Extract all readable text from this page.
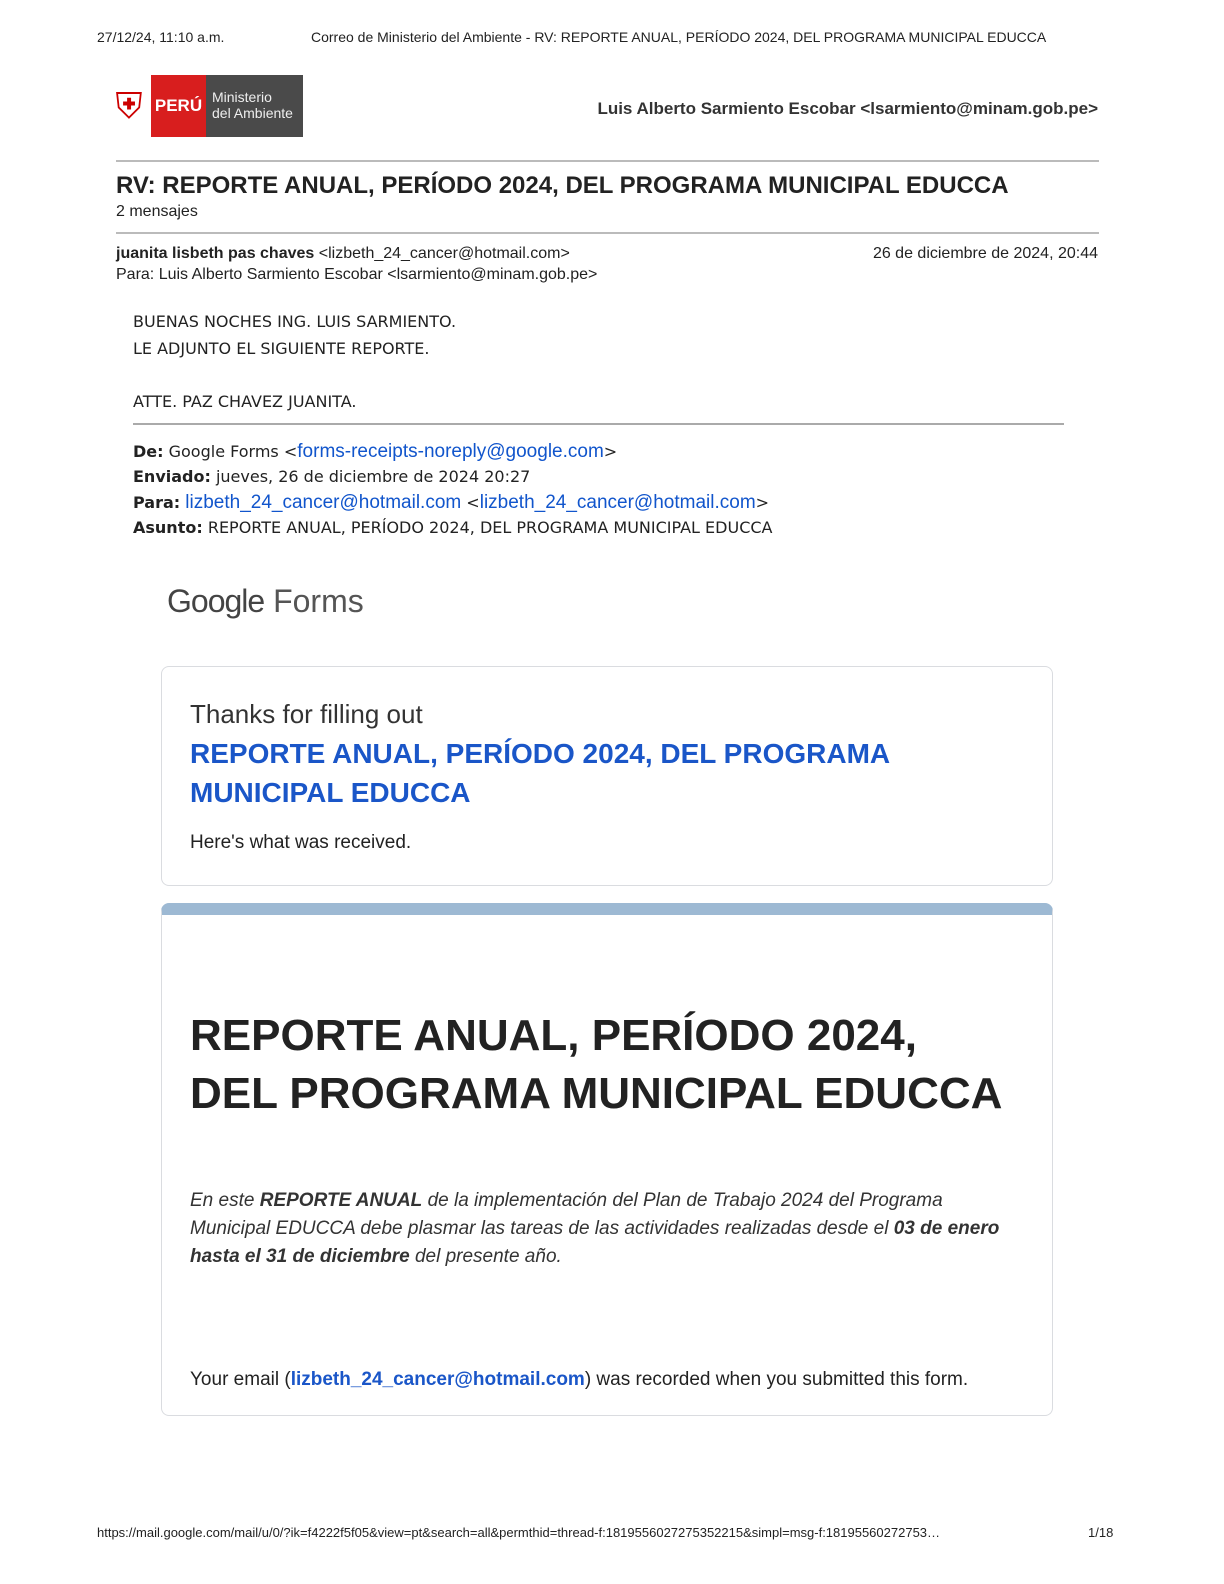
27/12/24, 11:10 a.m.	Correo de Ministerio del Ambiente - RV: REPORTE ANUAL, PERÍODO 2024, DEL PROGRAMA MUNICIPAL EDUCCA
⛨ PERÚ Ministerio
del Ambiente	Luis Alberto Sarmiento Escobar <lsarmiento@minam.gob.pe>
RV: REPORTE ANUAL, PERÍODO 2024, DEL PROGRAMA MUNICIPAL EDUCCA
2 mensajes
juanita lisbeth pas chaves <lizbeth_24_cancer@hotmail.com>	26 de diciembre de 2024, 20:44
Para: Luis Alberto Sarmiento Escobar <lsarmiento@minam.gob.pe>
BUENAS NOCHES ING. LUIS SARMIENTO.
LE ADJUNTO EL SIGUIENTE REPORTE.
ATTE. PAZ CHAVEZ JUANITA.
De: Google Forms <forms-receipts-noreply@google.com>
Enviado: jueves, 26 de diciembre de 2024 20:27
Para: lizbeth_24_cancer@hotmail.com <lizbeth_24_cancer@hotmail.com>
Asunto: REPORTE ANUAL, PERÍODO 2024, DEL PROGRAMA MUNICIPAL EDUCCA
Google Forms
Thanks for filling out
REPORTE ANUAL, PERÍODO 2024, DEL PROGRAMA
MUNICIPAL EDUCCA
Here's what was received.
REPORTE ANUAL, PERÍODO 2024,
DEL PROGRAMA MUNICIPAL EDUCCA
En este REPORTE ANUAL de la implementación del Plan de Trabajo 2024 del Programa Municipal EDUCCA debe plasmar las tareas de las actividades realizadas desde el 03 de enero hasta el 31 de diciembre del presente año.
Your email (lizbeth_24_cancer@hotmail.com) was recorded when you submitted this form.
https://mail.google.com/mail/u/0/?ik=f4222f5f05&view=pt&search=all&permthid=thread-f:1819556027275352215&simpl=msg-f:18195560272753…	1/18
